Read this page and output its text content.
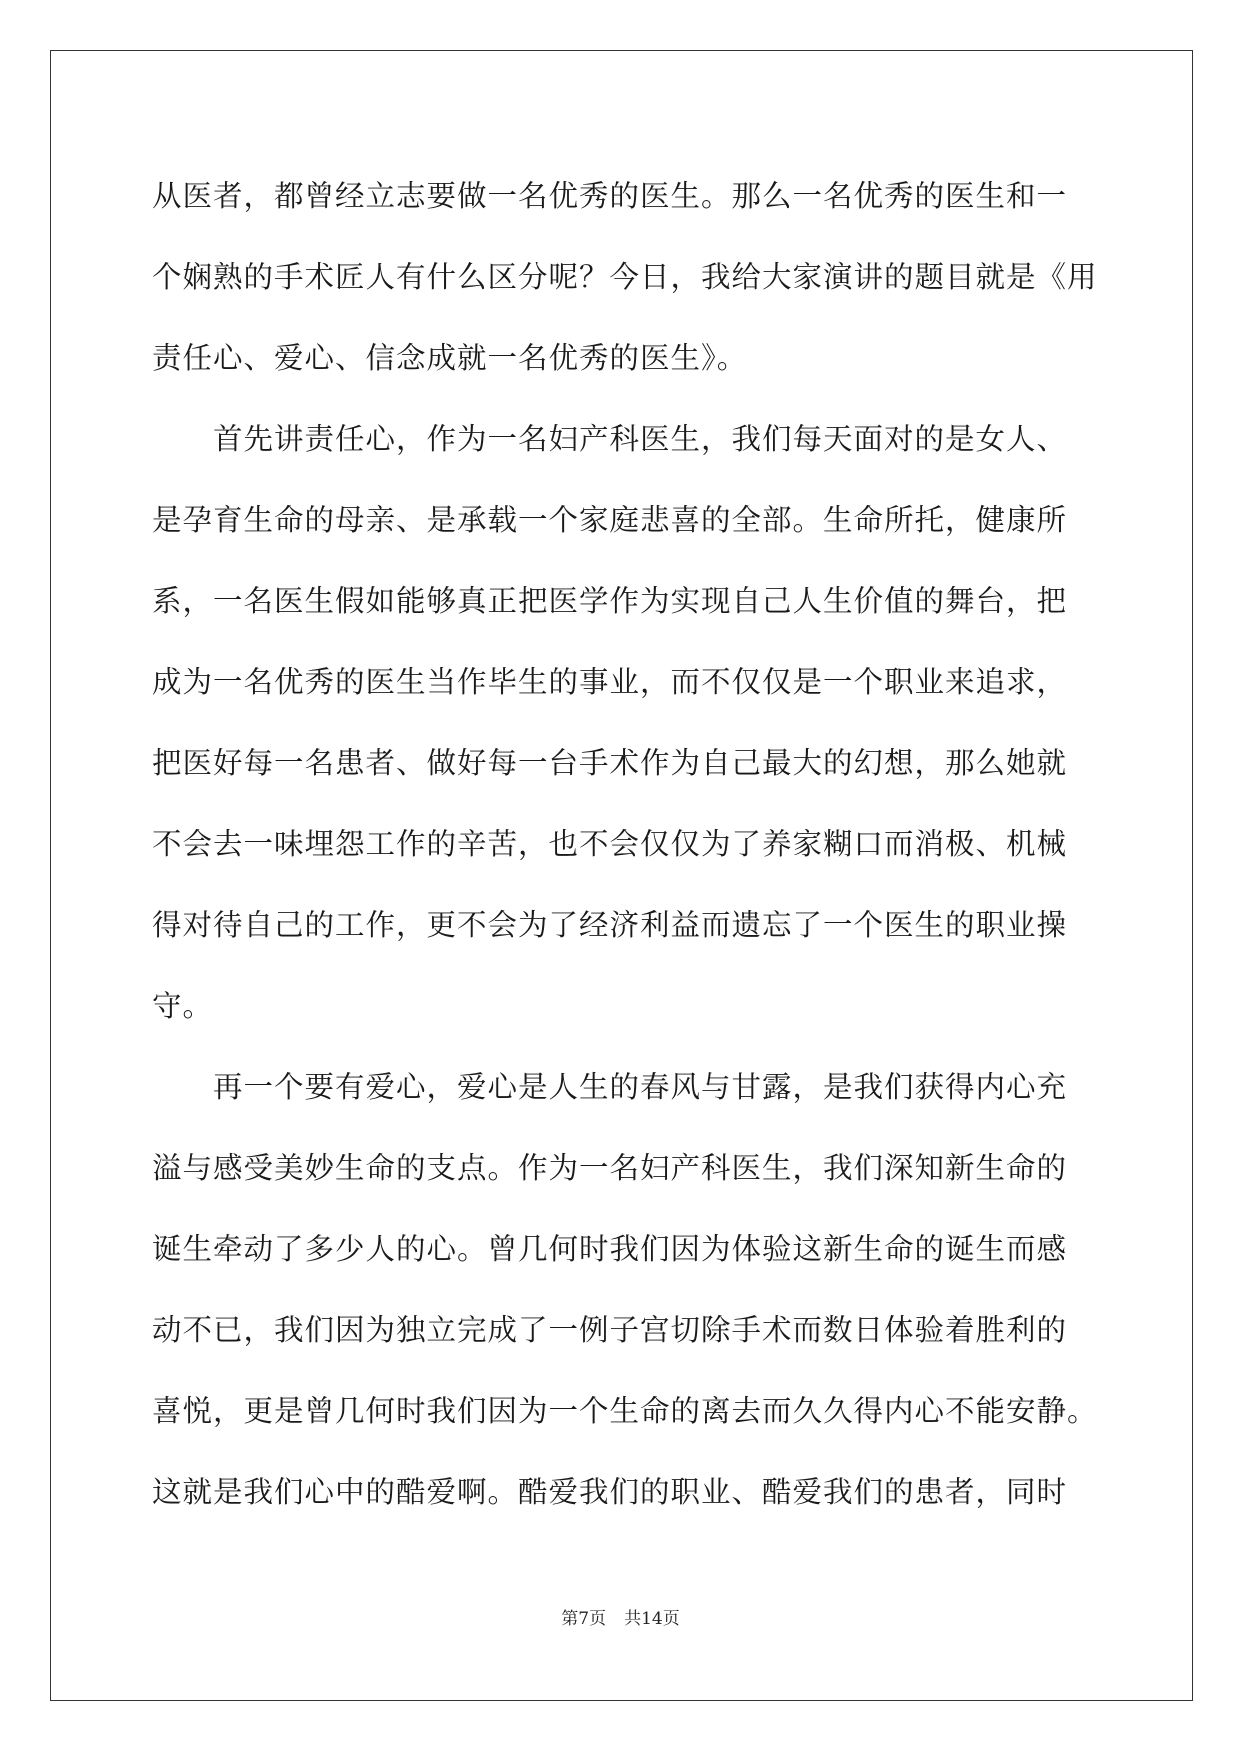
从医者，都曾经立志要做一名优秀的医生。那么一名优秀的医生和一
个娴熟的手术匠人有什么区分呢？今日，我给大家演讲的题目就是《用
责任心、爱心、信念成就一名优秀的医生》。
首先讲责任心，作为一名妇产科医生，我们每天面对的是女人、
是孕育生命的母亲、是承载一个家庭悲喜的全部。生命所托，健康所
系，一名医生假如能够真正把医学作为实现自己人生价值的舞台，把
成为一名优秀的医生当作毕生的事业，而不仅仅是一个职业来追求，
把医好每一名患者、做好每一台手术作为自己最大的幻想，那么她就
不会去一味埋怨工作的辛苦，也不会仅仅为了养家糊口而消极、机械
得对待自己的工作，更不会为了经济利益而遗忘了一个医生的职业操
守。
再一个要有爱心，爱心是人生的春风与甘露，是我们获得内心充
溢与感受美妙生命的支点。作为一名妇产科医生，我们深知新生命的
诞生牵动了多少人的心。曾几何时我们因为体验这新生命的诞生而感
动不已，我们因为独立完成了一例子宫切除手术而数日体验着胜利的
喜悦，更是曾几何时我们因为一个生命的离去而久久得内心不能安静。
这就是我们心中的酷爱啊。酷爱我们的职业、酷爱我们的患者，同时
第7页 共14页
